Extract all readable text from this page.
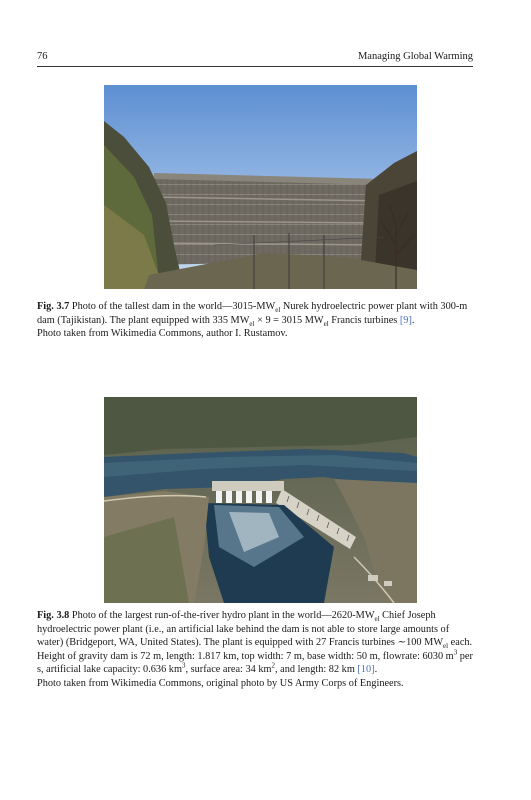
76	Managing Global Warming
Fig. 3.7 Photo of the tallest dam in the $world—3015-MW_{el}$ Nurek hydroelectric power plant with 300-m dam (Tajikistan). The plant equipped with 335 $MW_{el} \times 9 = 3015$ $MW_{el}$ Francis turbines [9].
Photo taken from Wikimedia Commons, author I. Rustamov.
Fig. 3.8 Photo of the largest run-of-the-river hydro plant in the $world—2620-MW_{el}$ Chief Joseph hydroelectric power plant (i.e., an artificial lake behind the dam is not able to store large amounts of water) (Bridgeport, WA, United States). The plant is equipped with 27 Francis turbines ∼100 $MW_{el}$ each. Height of gravity dam is 72 m, length: 1.817 km, top width: 7 m, base width: 50 m, flowrate: 6030 $m^3$ per s, artificial lake capacity: 0.636 $km^3$, surface area: 34 $km^2$, and length: 82 km [10].
Photo taken from Wikimedia Commons, original photo by US Army Corps of Engineers.
